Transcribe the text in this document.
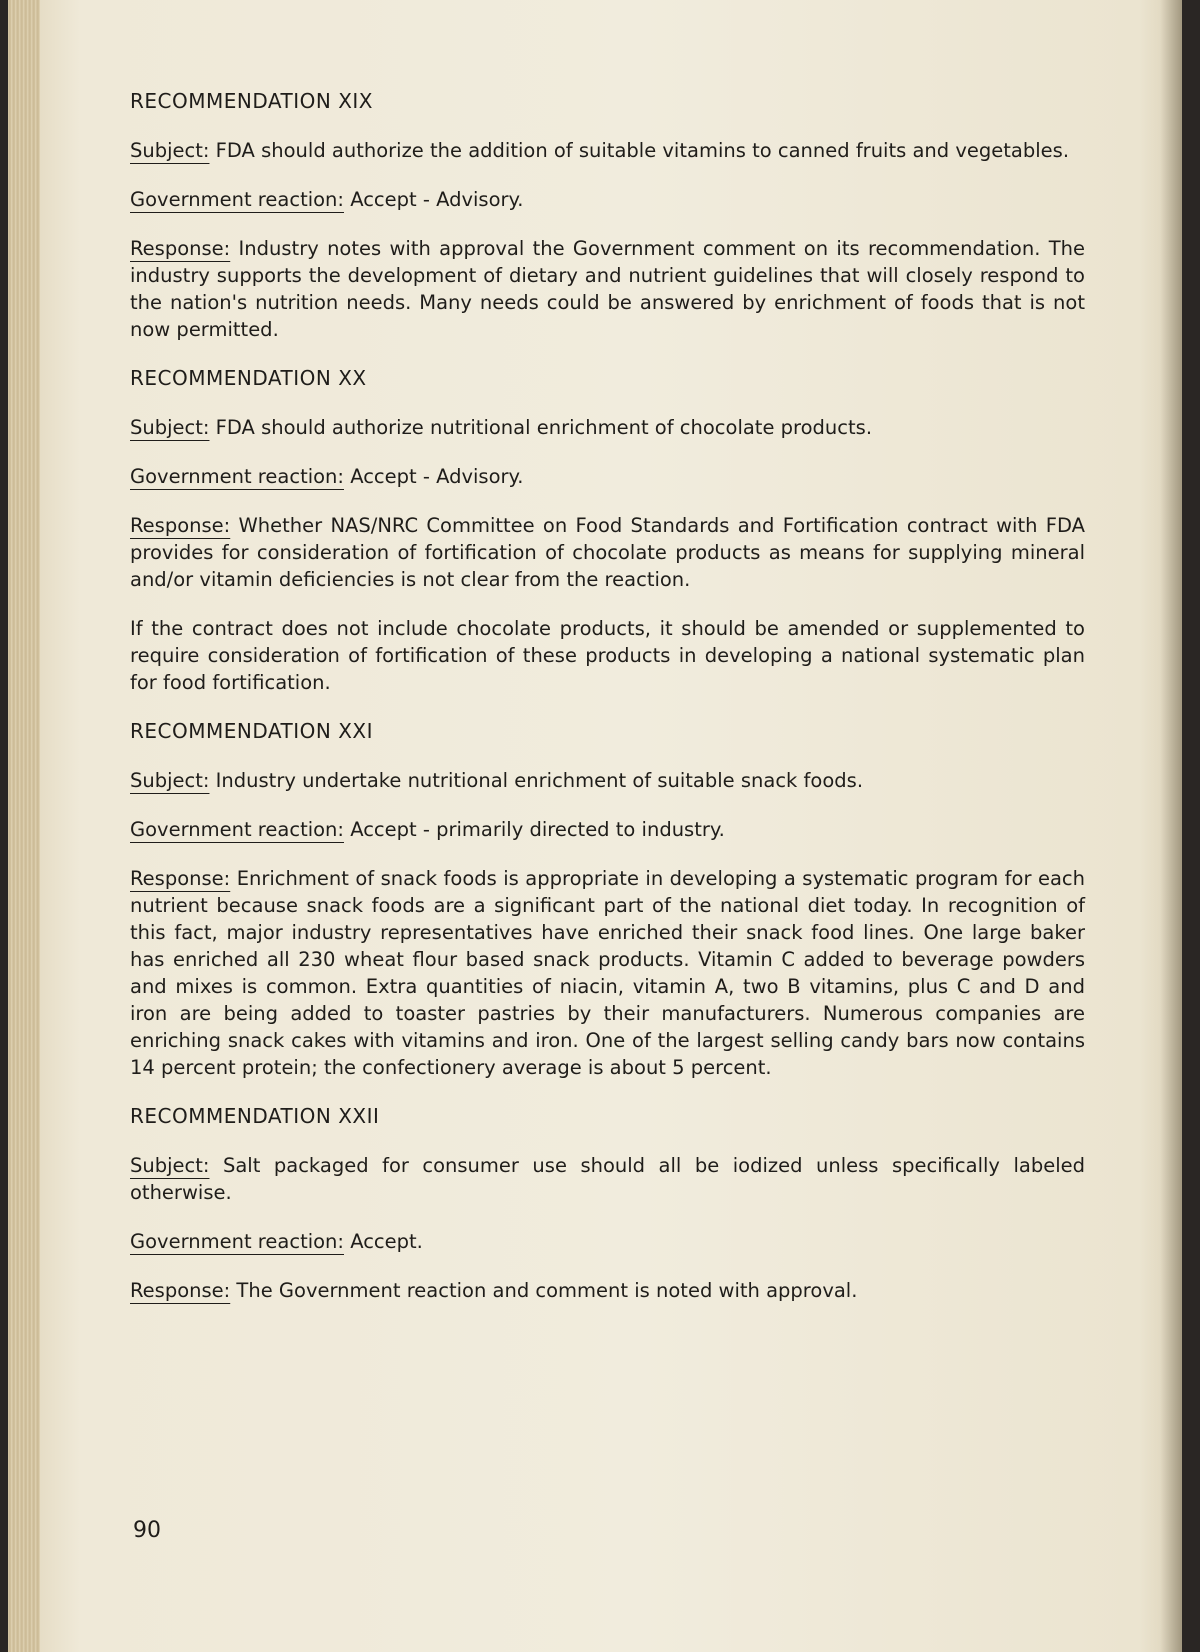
RECOMMENDATION XIX

Subject: FDA should authorize the addition of suitable vitamins to canned fruits and vegetables.

Government reaction: Accept - Advisory.

Response: Industry notes with approval the Government comment on its recommendation. The industry supports the development of dietary and nutrient guidelines that will closely respond to the nation's nutrition needs. Many needs could be answered by enrichment of foods that is not now permitted.

RECOMMENDATION XX

Subject: FDA should authorize nutritional enrichment of chocolate products.

Government reaction: Accept - Advisory.

Response: Whether NAS/NRC Committee on Food Standards and Fortification contract with FDA provides for consideration of fortification of chocolate products as means for supplying mineral and/or vitamin deficiencies is not clear from the reaction.

If the contract does not include chocolate products, it should be amended or supplemented to require consideration of fortification of these products in developing a national systematic plan for food fortification.

RECOMMENDATION XXI

Subject: Industry undertake nutritional enrichment of suitable snack foods.

Government reaction: Accept - primarily directed to industry.

Response: Enrichment of snack foods is appropriate in developing a systematic program for each nutrient because snack foods are a significant part of the national diet today. In recognition of this fact, major industry representatives have enriched their snack food lines. One large baker has enriched all 230 wheat flour based snack products. Vitamin C added to beverage powders and mixes is common. Extra quantities of niacin, vitamin A, two B vitamins, plus C and D and iron are being added to toaster pastries by their manufacturers. Numerous companies are enriching snack cakes with vitamins and iron. One of the largest selling candy bars now contains 14 percent protein; the confectionery average is about 5 percent.

RECOMMENDATION XXII

Subject: Salt packaged for consumer use should all be iodized unless specifically labeled otherwise.

Government reaction: Accept.

Response: The Government reaction and comment is noted with approval.

90
